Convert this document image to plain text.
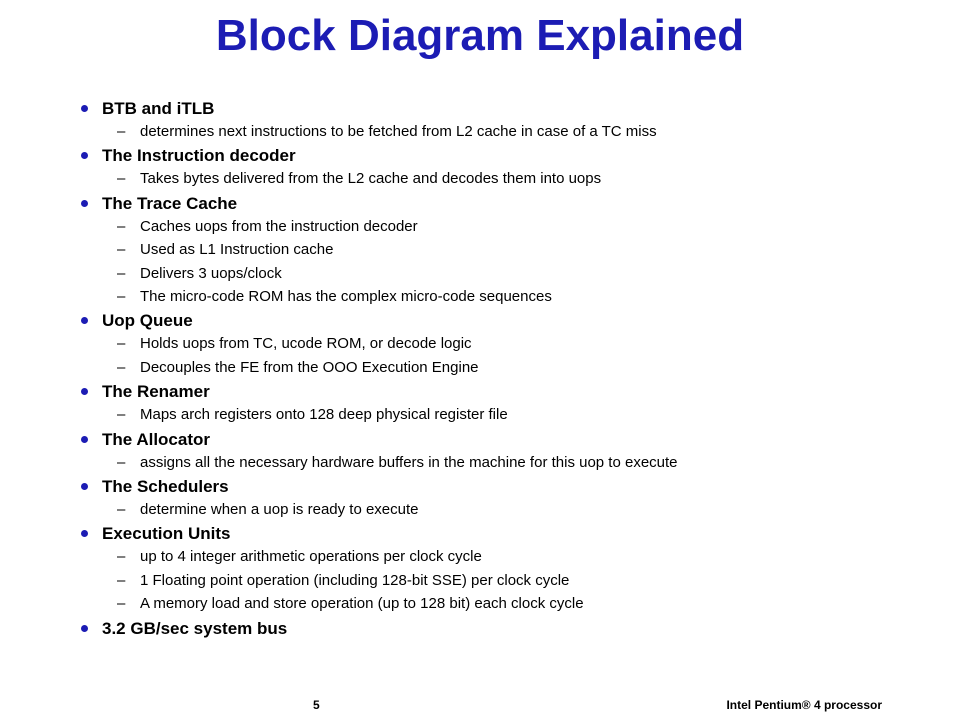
Block Diagram Explained
BTB and iTLB
– determines next instructions to be fetched from L2 cache in case of a TC miss
The Instruction decoder
– Takes bytes delivered from the L2 cache and decodes them into uops
The Trace Cache
– Caches uops from the instruction decoder
– Used as L1 Instruction cache
– Delivers 3 uops/clock
– The micro-code ROM has the complex micro-code sequences
Uop Queue
– Holds uops from TC, ucode ROM, or decode logic
– Decouples the FE from the OOO Execution Engine
The Renamer
– Maps arch registers onto 128 deep physical register file
The Allocator
– assigns all the necessary hardware buffers in the machine for this uop to execute
The Schedulers
– determine when a uop is ready to execute
Execution Units
– up to 4 integer arithmetic operations per clock cycle
– 1 Floating point operation (including 128-bit SSE) per clock cycle
– A memory load and store operation (up to 128 bit) each clock cycle
3.2 GB/sec system bus
5	Intel Pentium® 4 processor
